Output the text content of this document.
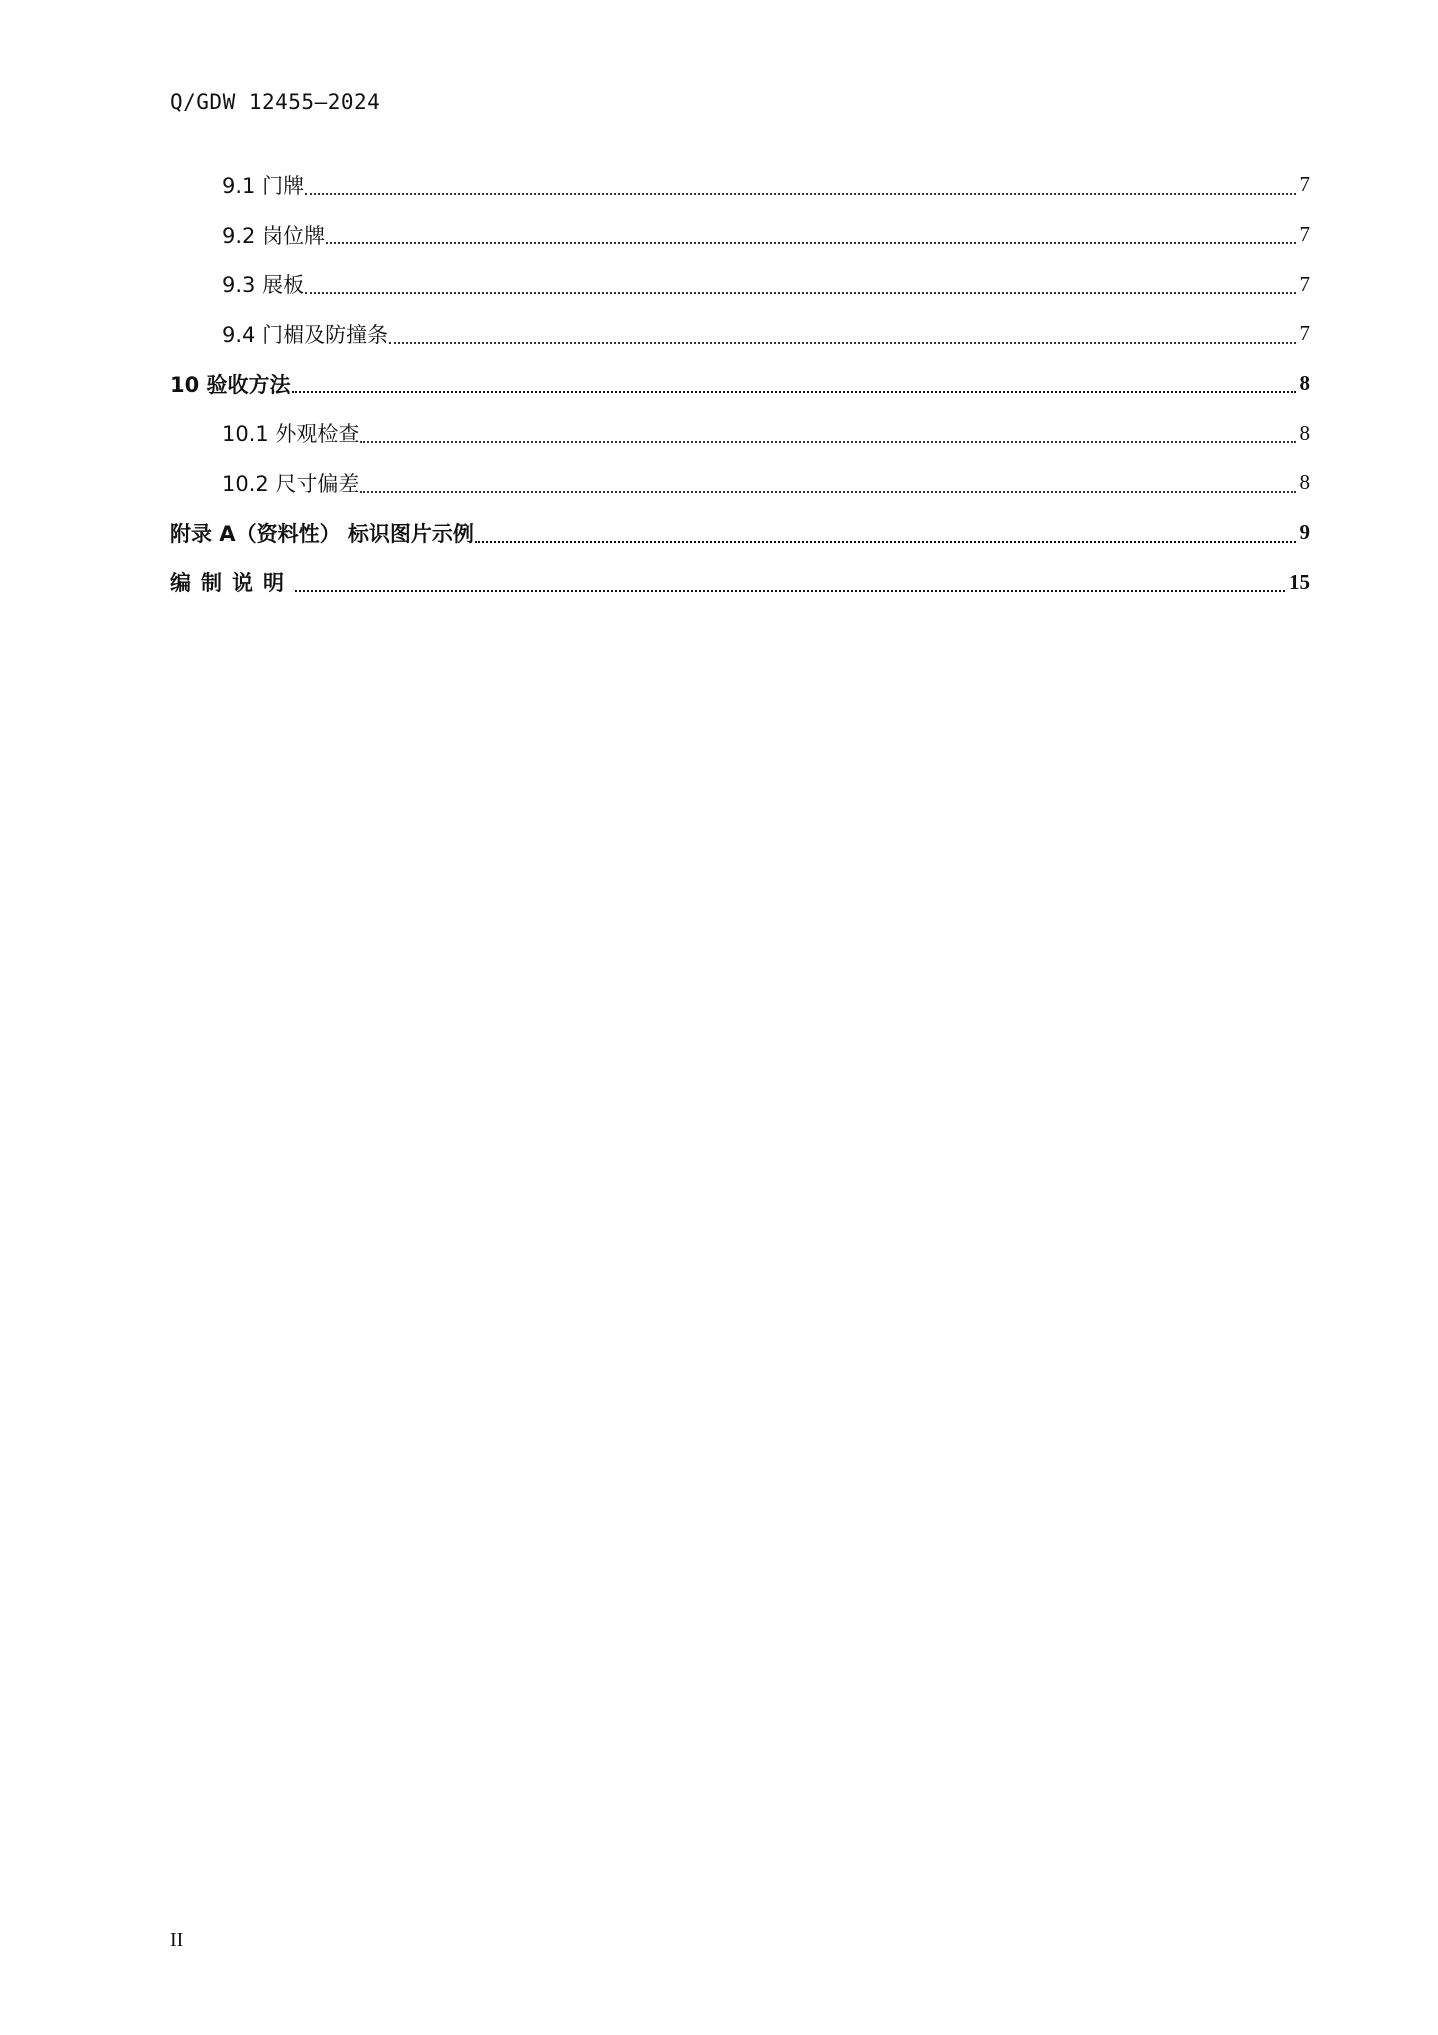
Q/GDW 12455—2024
9.1 门牌	7
9.2 岗位牌	7
9.3 展板	7
9.4 门楣及防撞条	7
10 验收方法	8
10.1 外观检查	8
10.2 尺寸偏差	8
附录 A（资料性） 标识图片示例	9
编制说明	15
II
